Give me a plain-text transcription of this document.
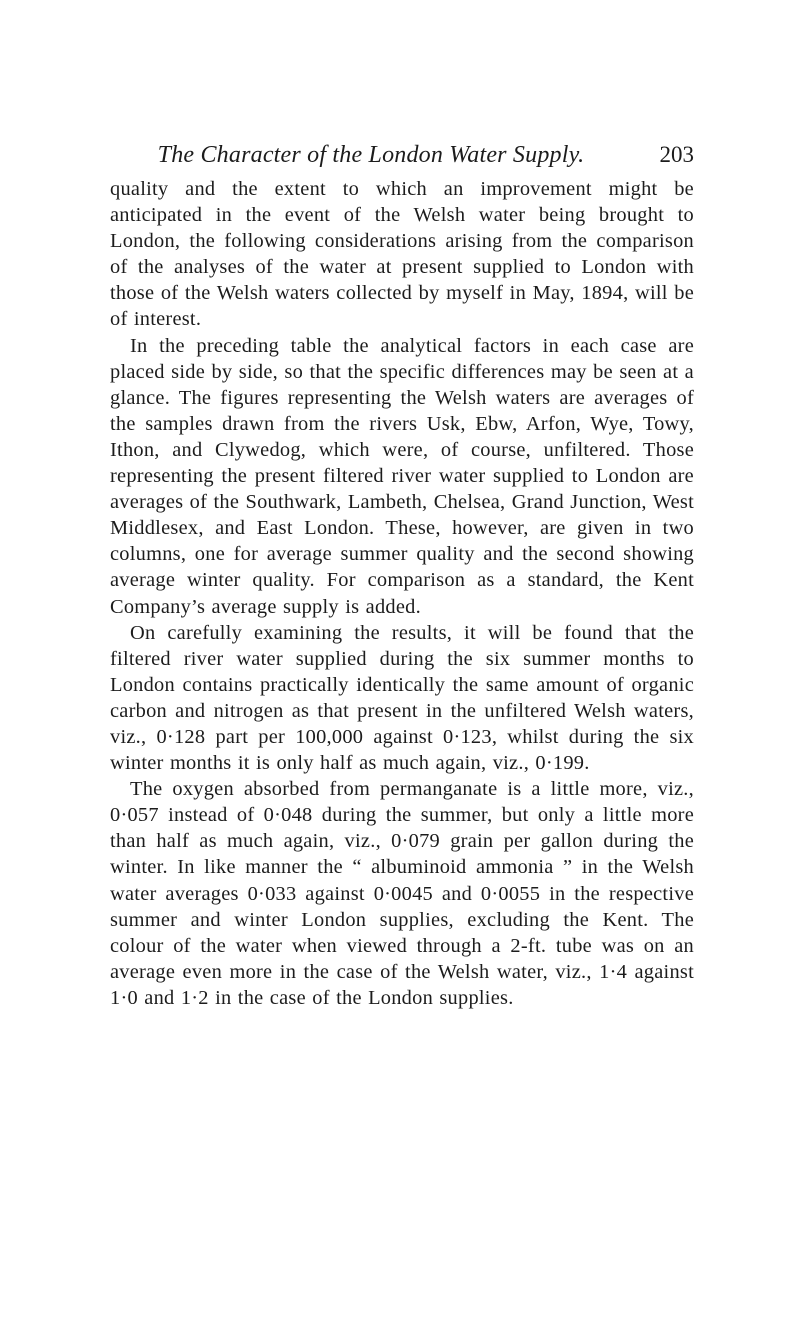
The Character of the London Water Supply.	203

quality and the extent to which an improvement might be anticipated in the event of the Welsh water being brought to London, the following considerations arising from the comparison of the analyses of the water at present supplied to London with those of the Welsh waters collected by myself in May, 1894, will be of interest.

In the preceding table the analytical factors in each case are placed side by side, so that the specific differences may be seen at a glance. The figures representing the Welsh waters are averages of the samples drawn from the rivers Usk, Ebw, Arfon, Wye, Towy, Ithon, and Clywedog, which were, of course, unfiltered. Those representing the present filtered river water supplied to London are averages of the Southwark, Lambeth, Chelsea, Grand Junction, West Middlesex, and East London. These, however, are given in two columns, one for average summer quality and the second showing average winter quality. For comparison as a standard, the Kent Company’s average supply is added.

On carefully examining the results, it will be found that the filtered river water supplied during the six summer months to London contains practically identically the same amount of organic carbon and nitrogen as that present in the unfiltered Welsh waters, viz., 0·128 part per 100,000 against 0·123, whilst during the six winter months it is only half as much again, viz., 0·199.

The oxygen absorbed from permanganate is a little more, viz., 0·057 instead of 0·048 during the summer, but only a little more than half as much again, viz., 0·079 grain per gallon during the winter. In like manner the “ albuminoid ammonia ” in the Welsh water averages 0·033 against 0·0045 and 0·0055 in the respective summer and winter London supplies, excluding the Kent. The colour of the water when viewed through a 2-ft. tube was on an average even more in the case of the Welsh water, viz., 1·4 against 1·0 and 1·2 in the case of the London supplies.
